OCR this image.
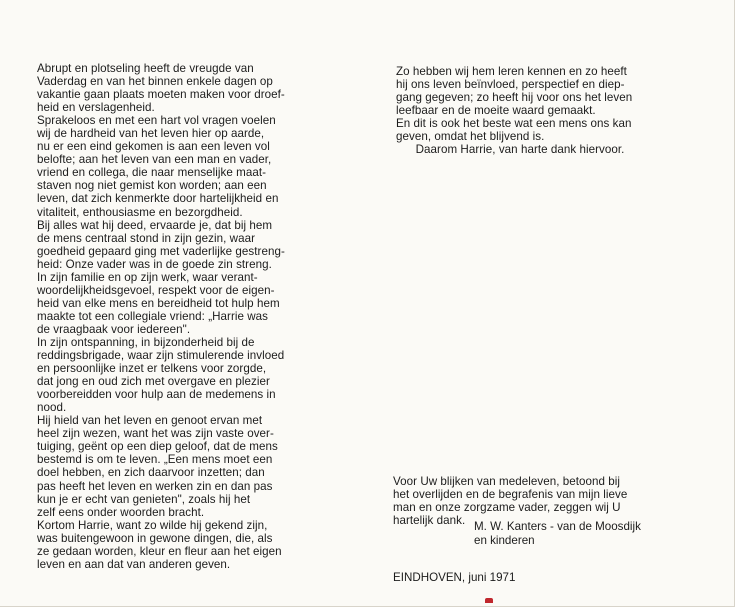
Abrupt en plotseling heeft de vreugde van

Vaderdag en van het binnen enkele dagen op

vakantie gaan plaats moeten maken voor droef-

heid en verslagenheid.

Sprakeloos en met een hart vol vragen voelen

wij de hardheid van het leven hier op aarde,

nu er een eind gekomen is aan een leven vol

belofte; aan het leven van een man en vader,

vriend en collega, die naar menselijke maat-

staven nog niet gemist kon worden; aan een

leven, dat zich kenmerkte door hartelijkheid en

vitaliteit, enthousiasme en bezorgdheid.

Bij alles wat hij deed, ervaarde je, dat bij hem

de mens centraal stond in zijn gezin, waar

goedheid gepaard ging met vaderlijke gestreng-

heid: Onze vader was in de goede zin streng.

In zijn familie en op zijn werk, waar verant-

woordelijkheidsgevoel, respekt voor de eigen-

heid van elke mens en bereidheid tot hulp hem

maakte tot een collegiale vriend: „Harrie was

de vraagbaak voor iedereen".

In zijn ontspanning, in bijzonderheid bij de

reddingsbrigade, waar zijn stimulerende invloed

en persoonlijke inzet er telkens voor zorgde,

dat jong en oud zich met overgave en plezier

voorbereidden voor hulp aan de medemens in

nood.

Hij hield van het leven en genoot ervan met

heel zijn wezen, want het was zijn vaste over-

tuiging, geënt op een diep geloof, dat de mens

bestemd is om te leven. „Een mens moet een

doel hebben, en zich daarvoor inzetten; dan

pas heeft het leven en werken zin en dan pas

kun je er echt van genieten", zoals hij het

zelf eens onder woorden bracht.

Kortom Harrie, want zo wilde hij gekend zijn,

was buitengewoon in gewone dingen, die, als

ze gedaan worden, kleur en fleur aan het eigen

leven en aan dat van anderen geven.

Zo hebben wij hem leren kennen en zo heeft

hij ons leven beïnvloed, perspectief en diep-

gang gegeven; zo heeft hij voor ons het leven

leefbaar en de moeite waard gemaakt.

En dit is ook het beste wat een mens ons kan

geven, omdat het blijvend is.

Daarom Harrie, van harte dank hiervoor.

Voor Uw blijken van medeleven, betoond bij

het overlijden en de begrafenis van mijn lieve

man en onze zorgzame vader, zeggen wij U

hartelijk dank. M. W. Kanters - van de Moosdijk

en kinderen

EINDHOVEN, juni 1971
